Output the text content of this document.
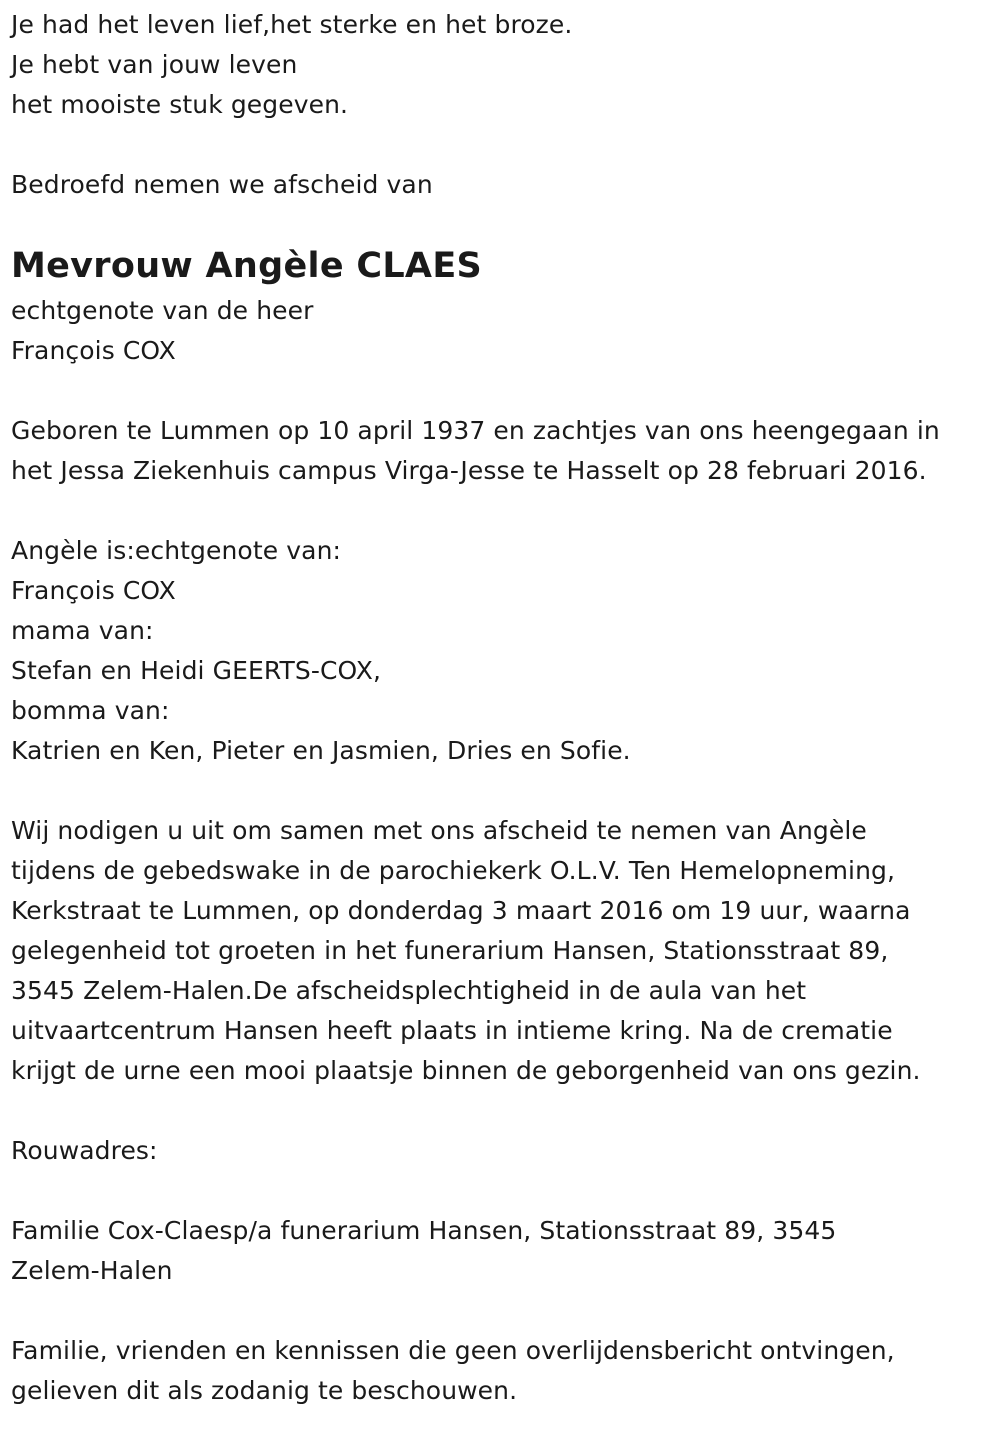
Je had het leven lief,het sterke en het broze.
Je hebt van jouw leven
het mooiste stuk gegeven.
Bedroefd nemen we afscheid van
Mevrouw Angèle CLAES
echtgenote van de heer
François COX
Geboren te Lummen op 10 april 1937 en zachtjes van ons heengegaan in
het Jessa Ziekenhuis campus Virga-Jesse te Hasselt op 28 februari 2016.
Angèle is:echtgenote van:
François COX
mama van:
Stefan en Heidi GEERTS-COX,
bomma van:
Katrien en Ken, Pieter en Jasmien, Dries en Sofie.
Wij nodigen u uit om samen met ons afscheid te nemen van Angèle
tijdens de gebedswake in de parochiekerk O.L.V. Ten Hemelopneming,
Kerkstraat te Lummen, op donderdag 3 maart 2016 om 19 uur, waarna
gelegenheid tot groeten in het funerarium Hansen, Stationsstraat 89,
3545 Zelem-Halen.De afscheidsplechtigheid in de aula van het
uitvaartcentrum Hansen heeft plaats in intieme kring. Na de crematie
krijgt de urne een mooi plaatsje binnen de geborgenheid van ons gezin.
Rouwadres:
Familie Cox-Claesp/a funerarium Hansen, Stationsstraat 89, 3545
Zelem-Halen
Familie, vrienden en kennissen die geen overlijdensbericht ontvingen,
gelieven dit als zodanig te beschouwen.
